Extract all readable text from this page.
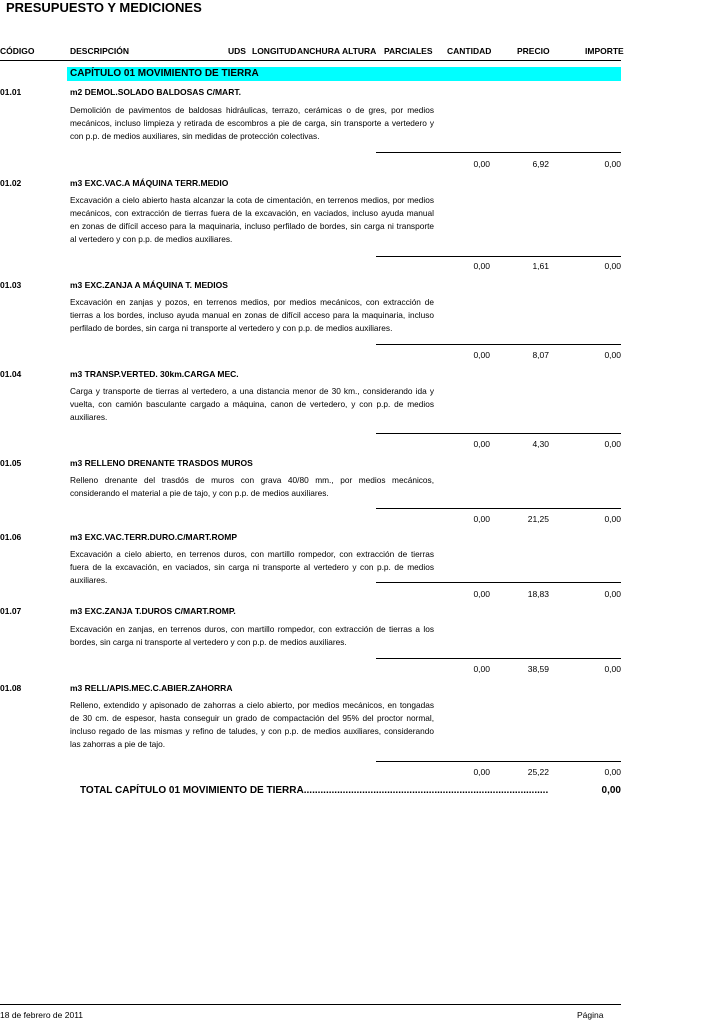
PRESUPUESTO Y MEDICIONES
CÓDIGO	DESCRIPCIÓN	UDS LONGITUD ANCHURA ALTURA PARCIALES CANTIDAD	PRECIO	IMPORTE
CAPÍTULO 01 MOVIMIENTO DE TIERRA
01.01	m2 DEMOL.SOLADO BALDOSAS C/MART.
Demolición de pavimentos de baldosas hidráulicas, terrazo, cerámicas o de gres, por medios mecánicos, incluso limpieza y retirada de escombros a pie de carga, sin transporte a vertedero y con p.p. de medios auxiliares, sin medidas de protección colectivas.
0,00	6,92	0,00
01.02	m3 EXC.VAC.A MÁQUINA TERR.MEDIO
Excavación a cielo abierto hasta alcanzar la cota de cimentación, en terrenos medios, por medios mecánicos, con extracción de tierras fuera de la excavación, en vaciados, incluso ayuda manual en zonas de difícil acceso para la maquinaria, incluso perfilado de bordes, sin carga ni transporte al vertedero y con p.p. de medios auxiliares.
0,00	1,61	0,00
01.03	m3 EXC.ZANJA A MÁQUINA T. MEDIOS
Excavación en zanjas y pozos, en terrenos medios, por medios mecánicos, con extracción de tierras a los bordes, incluso ayuda manual en zonas de difícil acceso para la maquinaria, incluso perfilado de bordes, sin carga ni transporte al vertedero y con p.p. de medios auxiliares.
0,00	8,07	0,00
01.04	m3 TRANSP.VERTED. 30km.CARGA MEC.
Carga y transporte de tierras al vertedero, a una distancia menor de 30 km., considerando ida y vuelta, con camión basculante cargado a máquina, canon de vertedero, y con p.p. de medios auxiliares.
0,00	4,30	0,00
01.05	m3 RELLENO DRENANTE TRASDOS MUROS
Relleno drenante del trasdós de muros con grava 40/80 mm., por medios mecánicos, considerando el material a pie de tajo, y con p.p. de medios auxiliares.
0,00	21,25	0,00
01.06	m3 EXC.VAC.TERR.DURO.C/MART.ROMP
Excavación a cielo abierto, en terrenos duros, con martillo rompedor, con extracción de tierras fuera de la excavación, en vaciados, sin carga ni transporte al vertedero y con p.p. de medios auxiliares.
0,00	18,83	0,00
01.07	m3 EXC.ZANJA T.DUROS C/MART.ROMP.
Excavación en zanjas, en terrenos duros, con martillo rompedor, con extracción de tierras a los bordes, sin carga ni transporte al vertedero y con p.p. de medios auxiliares.
0,00	38,59	0,00
01.08	m3 RELL/APIS.MEC.C.ABIER.ZAHORRA
Relleno, extendido y apisonado de zahorras a cielo abierto, por medios mecánicos, en tongadas de 30 cm. de espesor, hasta conseguir un grado de compactación del 95% del proctor normal, incluso regado de las mismas y refino de taludes, y con p.p. de medios auxiliares, considerando las zahorras a pie de tajo.
0,00	25,22	0,00
TOTAL CAPÍTULO 01 MOVIMIENTO DE TIERRA........................................................................................	0,00
18 de febrero de 2011	Página
